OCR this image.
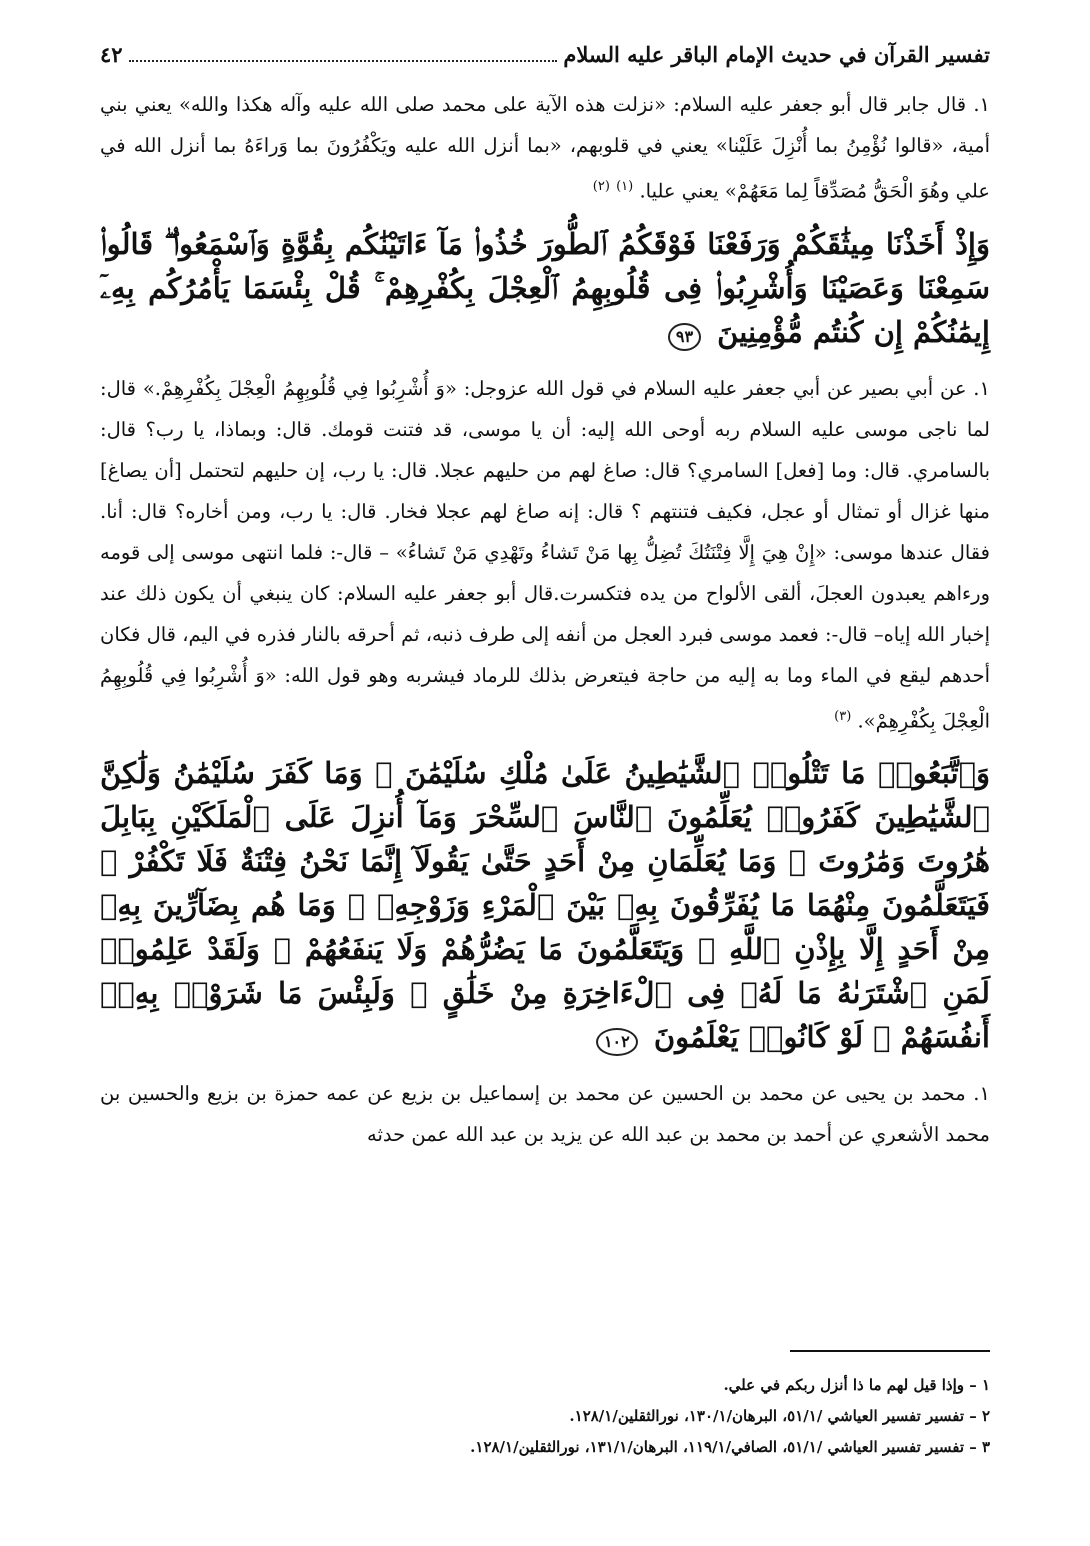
تفسير القرآن في حديث الإمام الباقر عليه السلام
٤٢

١. قال جابر قال أبو جعفر عليه السلام: «نزلت هذه الآية على محمد صلى الله عليه وآله هكذا والله» يعني بني أمية، «قالوا نُؤْمِنُ بما أُنْزِلَ عَلَيْنا» يعني في قلوبهم، «بما أنزل الله عليه ويَكْفُرُونَ بما وَراءَهُ بما أنزل الله في علي وهُوَ الْحَقُّ مُصَدِّقاً لِما مَعَهُمْ» يعني عليا. $^{(١)}$ $^{(٢)}$

وَإِذْ أَخَذْنَا مِيثَٰقَكُمْ وَرَفَعْنَا فَوْقَكُمُ ٱلطُّورَ خُذُوا۟ مَآ ءَاتَيْنَٰكُم بِقُوَّةٍ وَٱسْمَعُوا۟ ۖ قَالُوا۟ سَمِعْنَا وَعَصَيْنَا وَأُشْرِبُوا۟ فِى قُلُوبِهِمُ ٱلْعِجْلَ بِكُفْرِهِمْ ۚ قُلْ بِئْسَمَا يَأْمُرُكُم بِهِۦٓ إِيمَٰنُكُمْ إِن كُنتُم مُّؤْمِنِينَ ٩٣

١. عن أبي بصير عن أبي جعفر عليه السلام في قول الله عزوجل: «وَ أُشْرِبُوا فِي قُلُوبِهِمُ الْعِجْلَ بِكُفْرِهِمْ.» قال: لما ناجى موسى عليه السلام ربه أوحى الله إليه: أن يا موسى، قد فتنت قومك. قال: وبماذا، يا رب؟ قال: بالسامري. قال: وما [فعل] السامري؟ قال: صاغ لهم من حليهم عجلا. قال: يا رب، إن حليهم لتحتمل [أن يصاغ] منها غزال أو تمثال أو عجل، فكيف فتنتهم ؟ قال: إنه صاغ لهم عجلا فخار. قال: يا رب، ومن أخاره؟ قال: أنا. فقال عندها موسى: «إِنْ هِيَ إِلَّا فِتْنَتُكَ تُضِلُّ بِها مَنْ تَشاءُ وتَهْدِي مَنْ تَشاءُ» – قال-: فلما انتهى موسى إلى قومه ورءاهم يعبدون العجلَ، ألقى الألواح من يده فتكسرت.قال أبو جعفر عليه السلام: كان ينبغي أن يكون ذلك عند إخبار الله إياه– قال-: فعمد موسى فبرد العجل من أنفه إلى طرف ذنبه، ثم أحرقه بالنار فذره في اليم، قال فكان أحدهم ليقع في الماء وما به إليه من حاجة فيتعرض بذلك للرماد فيشربه وهو قول الله: «وَ أُشْرِبُوا فِي قُلُوبِهِمُ الْعِجْلَ بِكُفْرِهِمْ». $^{(٣)}$

وَٱتَّبَعُوا۟ مَا تَتْلُوا۟ ٱلشَّيَٰطِينُ عَلَىٰ مُلْكِ سُلَيْمَٰنَ ۖ وَمَا كَفَرَ سُلَيْمَٰنُ وَلَٰكِنَّ ٱلشَّيَٰطِينَ كَفَرُوا۟ يُعَلِّمُونَ ٱلنَّاسَ ٱلسِّحْرَ وَمَآ أُنزِلَ عَلَى ٱلْمَلَكَيْنِ بِبَابِلَ هَٰرُوتَ وَمَٰرُوتَ ۚ وَمَا يُعَلِّمَانِ مِنْ أَحَدٍ حَتَّىٰ يَقُولَآ إِنَّمَا نَحْنُ فِتْنَةٌ فَلَا تَكْفُرْ ۖ فَيَتَعَلَّمُونَ مِنْهُمَا مَا يُفَرِّقُونَ بِهِۦ بَيْنَ ٱلْمَرْءِ وَزَوْجِهِۦ ۚ وَمَا هُم بِضَآرِّينَ بِهِۦ مِنْ أَحَدٍ إِلَّا بِإِذْنِ ٱللَّهِ ۚ وَيَتَعَلَّمُونَ مَا يَضُرُّهُمْ وَلَا يَنفَعُهُمْ ۚ وَلَقَدْ عَلِمُوا۟ لَمَنِ ٱشْتَرَىٰهُ مَا لَهُۥ فِى ٱلْءَاخِرَةِ مِنْ خَلَٰقٍ ۚ وَلَبِئْسَ مَا شَرَوْا۟ بِهِۦٓ أَنفُسَهُمْ ۚ لَوْ كَانُوا۟ يَعْلَمُونَ ١٠٢

١. محمد بن يحيى عن محمد بن الحسين عن محمد بن إسماعيل بن بزيع عن عمه حمزة بن بزيع والحسين بن محمد الأشعري عن أحمد بن محمد بن عبد الله عن يزيد بن عبد الله عمن حدثه

١ – وإذا قيل لهم ما ذا أنزل ربكم في علي.
٢ – تفسير تفسير العياشي /٥١/١، البرهان/١٣٠/١، نورالثقلين/١٢٨/١.
٣ – تفسير تفسير العياشي /٥١/١، الصافي/١١٩/١، البرهان/١٣١/١، نورالثقلين/١٢٨/١.
